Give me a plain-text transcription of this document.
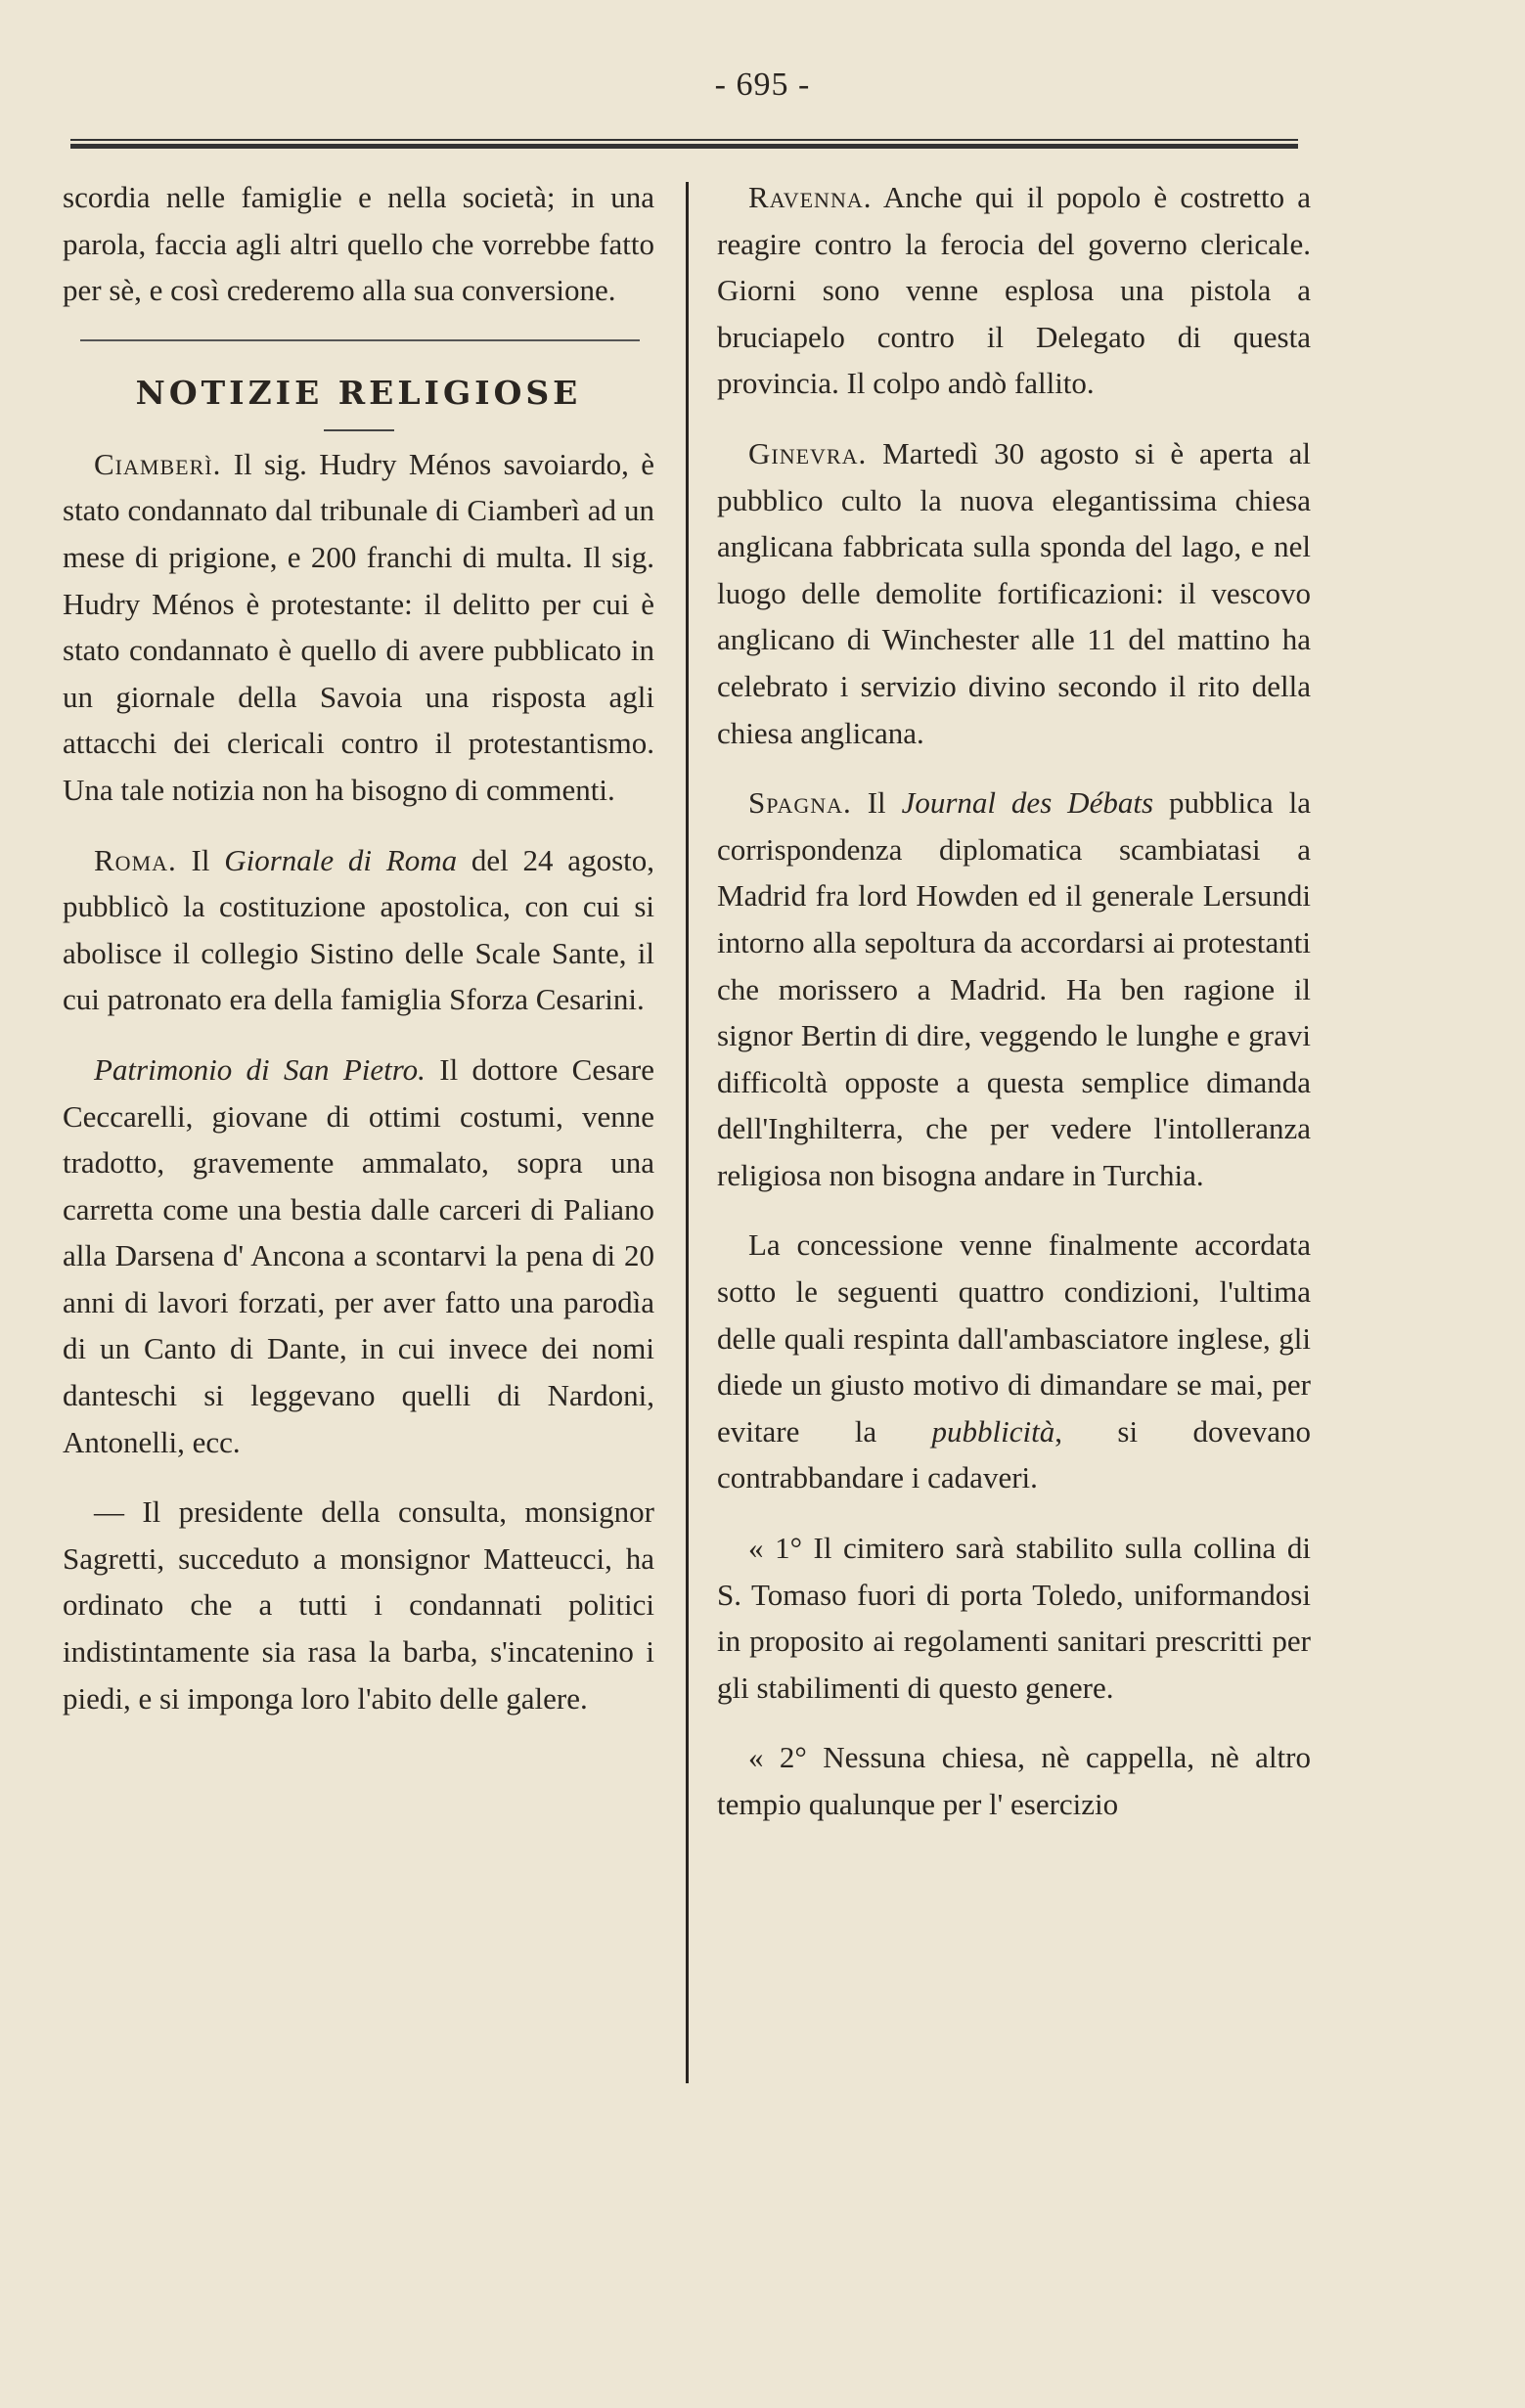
- 695 -

scordia nelle famiglie e nella società; in una parola, faccia agli altri quello che vorrebbe fatto per sè, e così crederemo alla sua conversione.

NOTIZIE RELIGIOSE

Ciamberì. Il sig. Hudry Ménos savoiardo, è stato condannato dal tribunale di Ciamberì ad un mese di prigione, e 200 franchi di multa. Il sig. Hudry Ménos è protestante: il delitto per cui è stato condannato è quello di avere pubblicato in un giornale della Savoia una risposta agli attacchi dei clericali contro il protestantismo. Una tale notizia non ha bisogno di commenti.

Roma. Il Giornale di Roma del 24 agosto, pubblicò la costituzione apostolica, con cui si abolisce il collegio Sistino delle Scale Sante, il cui patronato era della famiglia Sforza Cesarini.

Patrimonio di San Pietro. Il dottore Cesare Ceccarelli, giovane di ottimi costumi, venne tradotto, gravemente ammalato, sopra una carretta come una bestia dalle carceri di Paliano alla Darsena d' Ancona a scontarvi la pena di 20 anni di lavori forzati, per aver fatto una parodìa di un Canto di Dante, in cui invece dei nomi danteschi si leggevano quelli di Nardoni, Antonelli, ecc.

— Il presidente della consulta, monsignor Sagretti, succeduto a monsignor Matteucci, ha ordinato che a tutti i condannati politici indistintamente sia rasa la barba, s'incatenino i piedi, e si imponga loro l'abito delle galere.

Ravenna. Anche qui il popolo è costretto a reagire contro la ferocia del governo clericale. Giorni sono venne esplosa una pistola a bruciapelo contro il Delegato di questa provincia. Il colpo andò fallito.

Ginevra. Martedì 30 agosto si è aperta al pubblico culto la nuova elegantissima chiesa anglicana fabbricata sulla sponda del lago, e nel luogo delle demolite fortificazioni: il vescovo anglicano di Winchester alle 11 del mattino ha celebrato i servizio divino secondo il rito della chiesa anglicana.

Spagna. Il Journal des Débats pubblica la corrispondenza diplomatica scambiatasi a Madrid fra lord Howden ed il generale Lersundi intorno alla sepoltura da accordarsi ai protestanti che morissero a Madrid. Ha ben ragione il signor Bertin di dire, veggendo le lunghe e gravi difficoltà opposte a questa semplice dimanda dell'Inghilterra, che per vedere l'intolleranza religiosa non bisogna andare in Turchia.

La concessione venne finalmente accordata sotto le seguenti quattro condizioni, l'ultima delle quali respinta dall'ambasciatore inglese, gli diede un giusto motivo di dimandare se mai, per evitare la pubblicità, si dovevano contrabbandare i cadaveri.

« 1° Il cimitero sarà stabilito sulla collina di S. Tomaso fuori di porta Toledo, uniformandosi in proposito ai regolamenti sanitari prescritti per gli stabilimenti di questo genere.

« 2° Nessuna chiesa, nè cappella, nè altro tempio qualunque per l' esercizio
